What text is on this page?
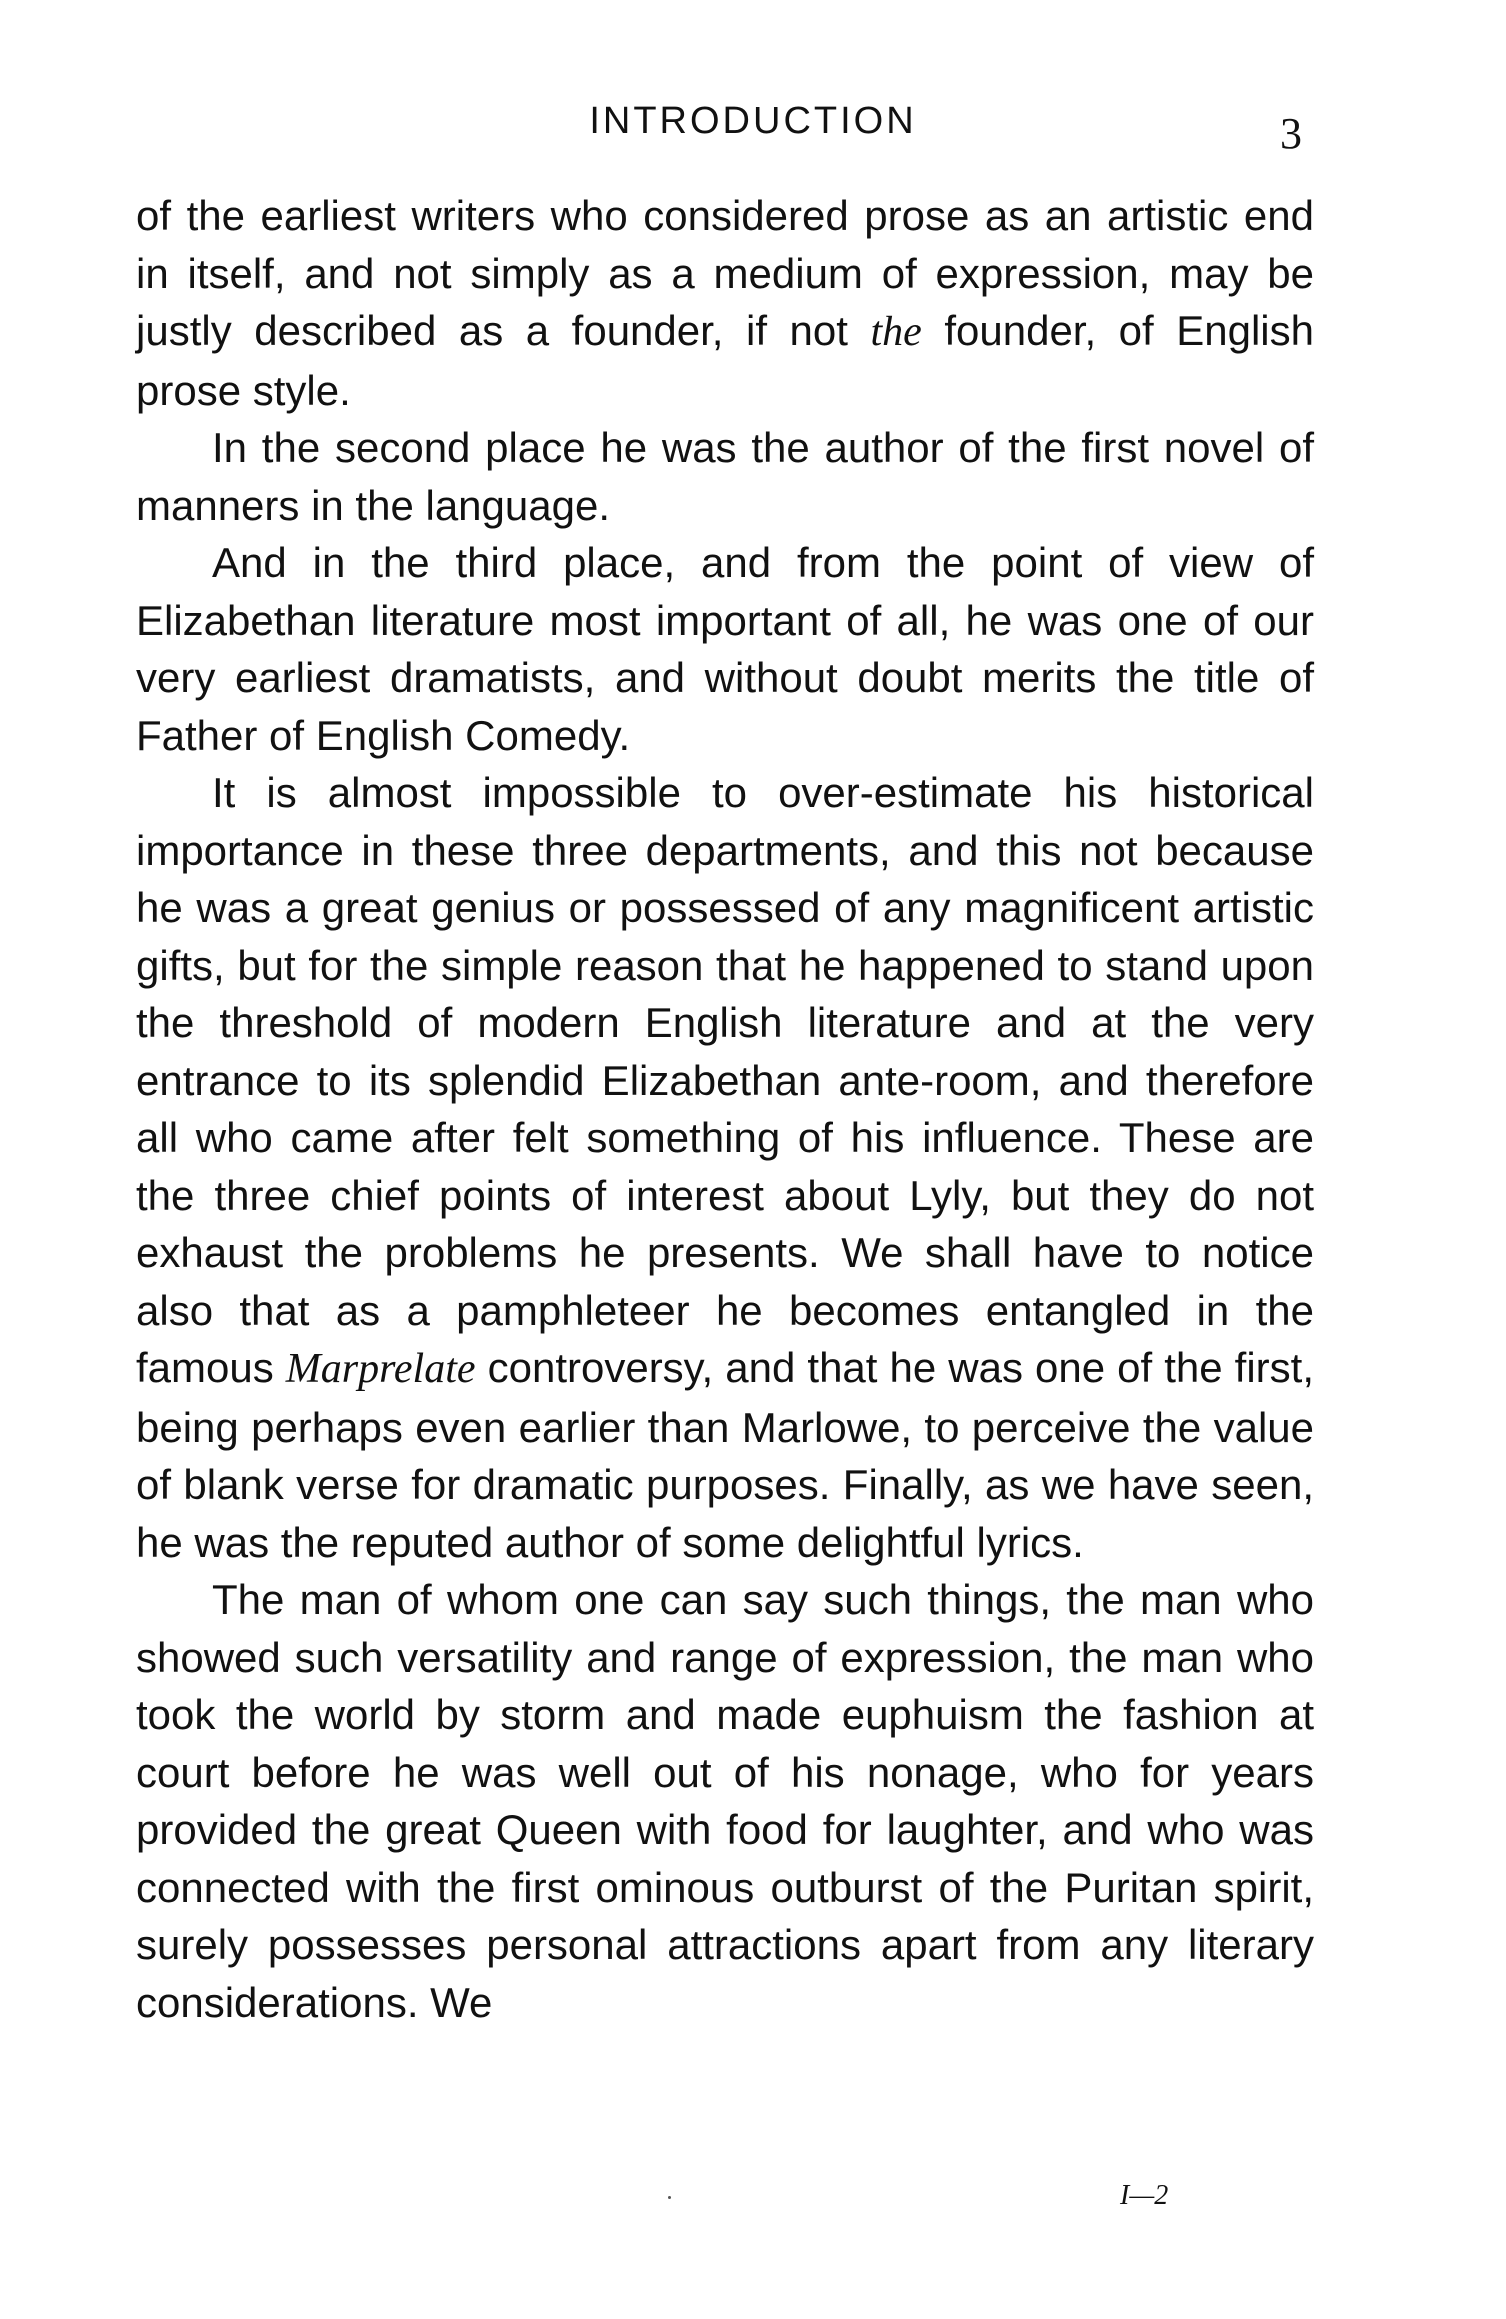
INTRODUCTION	3

of the earliest writers who considered prose as an artistic end in itself, and not simply as a medium of expression, may be justly described as a founder, if not the founder, of English prose style.

In the second place he was the author of the first novel of manners in the language.

And in the third place, and from the point of view of Elizabethan literature most important of all, he was one of our very earliest dramatists, and without doubt merits the title of Father of English Comedy.

It is almost impossible to over-estimate his historical importance in these three departments, and this not because he was a great genius or possessed of any magnificent artistic gifts, but for the simple reason that he happened to stand upon the threshold of modern English literature and at the very entrance to its splendid Elizabethan ante-room, and therefore all who came after felt something of his influence. These are the three chief points of interest about Lyly, but they do not exhaust the problems he presents. We shall have to notice also that as a pamphleteer he becomes entangled in the famous Marprelate controversy, and that he was one of the first, being perhaps even earlier than Marlowe, to perceive the value of blank verse for dramatic purposes. Finally, as we have seen, he was the reputed author of some delightful lyrics.

The man of whom one can say such things, the man who showed such versatility and range of expression, the man who took the world by storm and made euphuism the fashion at court before he was well out of his nonage, who for years provided the great Queen with food for laughter, and who was connected with the first ominous outburst of the Puritan spirit, surely possesses personal attractions apart from any literary considerations. We

I—2
